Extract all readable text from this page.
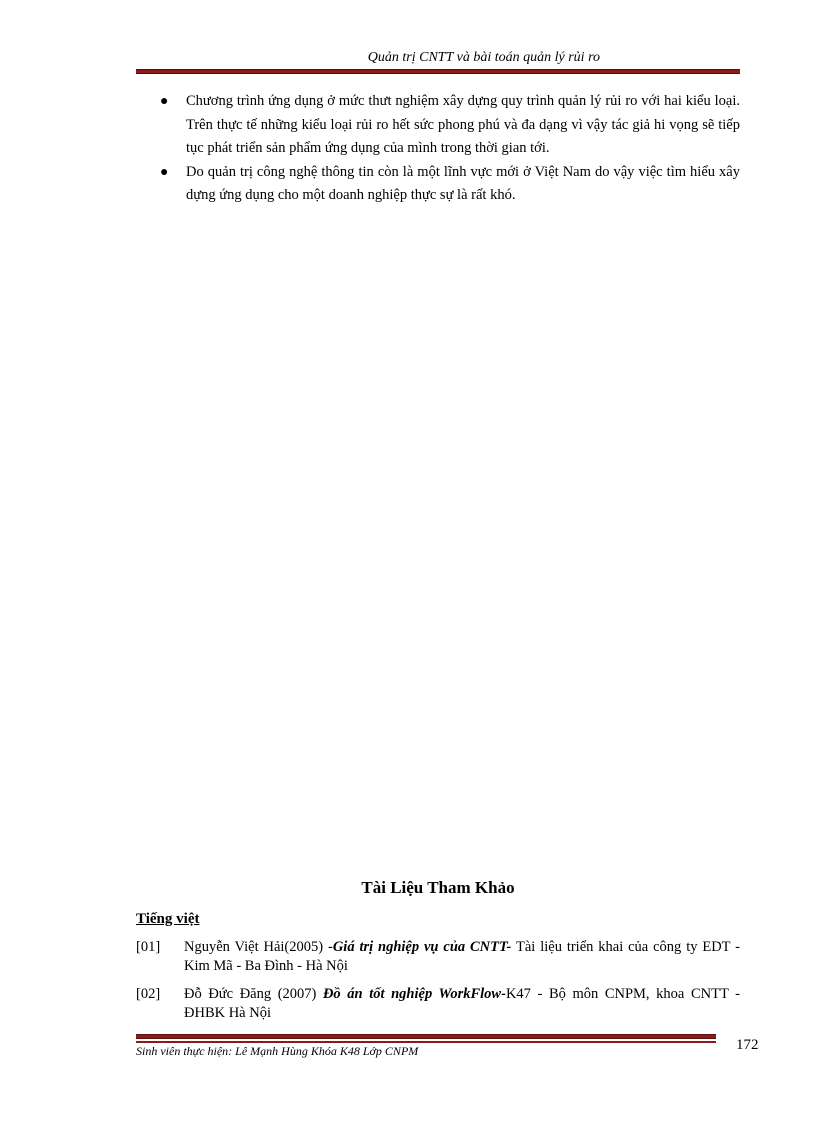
Quản trị CNTT và bài toán quản lý rủi ro
● Chương trình ứng dụng ở mức thưt nghiệm xây dựng quy trình quản lý rủi ro với hai kiểu loại. Trên thực tế những kiểu loại rủi ro hết sức phong phú và đa dạng vì vậy tác giả hi vọng sẽ tiếp tục phát triển sản phẩm ứng dụng của mình trong thời gian tới.
● Do quản trị công nghệ thông tin còn là một lĩnh vực mới ở Việt Nam do vậy việc tìm hiểu xây dựng ứng dụng cho một doanh nghiệp thực sự là rất khó.
Tài Liệu Tham Khảo
Tiếng việt
[01] Nguyễn Việt Hải(2005) -Giá trị nghiệp vụ của CNTT- Tài liệu triển khai của công ty EDT - Kim Mã - Ba Đình - Hà Nội
[02] Đỗ Đức Đăng (2007) Đồ án tốt nghiệp WorkFlow-K47 - Bộ môn CNPM, khoa CNTT - ĐHBK Hà Nội
Sinh viên thực hiện: Lê Mạnh Hùng Khóa K48 Lớp CNPM	172
